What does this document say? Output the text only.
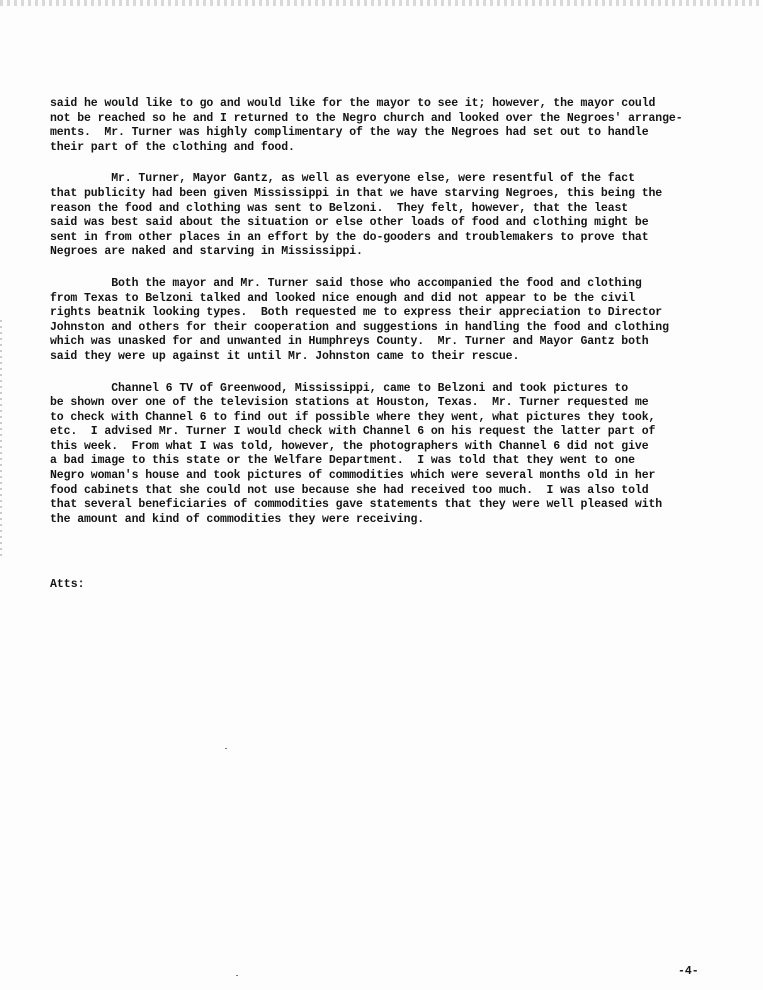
said he would like to go and would like for the mayor to see it; however, the mayor could
not be reached so he and I returned to the Negro church and looked over the Negroes' arrange-
ments.  Mr. Turner was highly complimentary of the way the Negroes had set out to handle
their part of the clothing and food.
Mr. Turner, Mayor Gantz, as well as everyone else, were resentful of the fact
that publicity had been given Mississippi in that we have starving Negroes, this being the
reason the food and clothing was sent to Belzoni.  They felt, however, that the least
said was best said about the situation or else other loads of food and clothing might be
sent in from other places in an effort by the do-gooders and troublemakers to prove that
Negroes are naked and starving in Mississippi.
Both the mayor and Mr. Turner said those who accompanied the food and clothing
from Texas to Belzoni talked and looked nice enough and did not appear to be the civil
rights beatnik looking types.  Both requested me to express their appreciation to Director
Johnston and others for their cooperation and suggestions in handling the food and clothing
which was unasked for and unwanted in Humphreys County.  Mr. Turner and Mayor Gantz both
said they were up against it until Mr. Johnston came to their rescue.
Channel 6 TV of Greenwood, Mississippi, came to Belzoni and took pictures to
be shown over one of the television stations at Houston, Texas.  Mr. Turner requested me
to check with Channel 6 to find out if possible where they went, what pictures they took,
etc.  I advised Mr. Turner I would check with Channel 6 on his request the latter part of
this week.  From what I was told, however, the photographers with Channel 6 did not give
a bad image to this state or the Welfare Department.  I was told that they went to one
Negro woman's house and took pictures of commodities which were several months old in her
food cabinets that she could not use because she had received too much.  I was also told
that several beneficiaries of commodities gave statements that they were well pleased with
the amount and kind of commodities they were receiving.
Atts:
-4-
